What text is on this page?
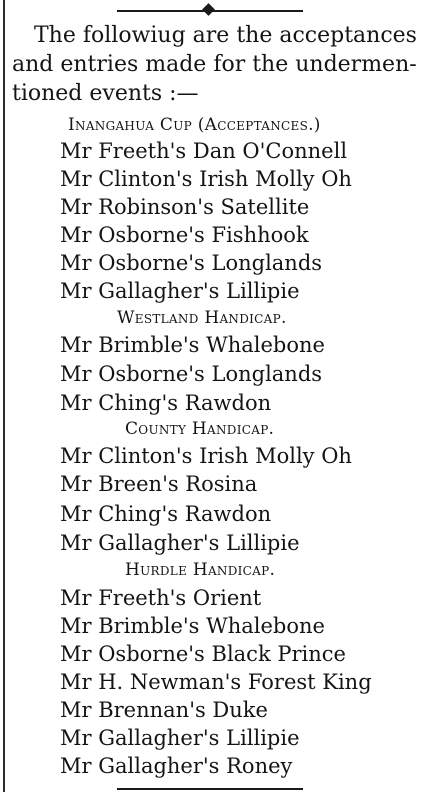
The followiug are the acceptances
and entries made for the undermen-
tioned events :—

Inangahua Cup (Acceptances.)
Mr Freeth's Dan O'Connell
Mr Clinton's Irish Molly Oh
Mr Robinson's Satellite
Mr Osborne's Fishhook
Mr Osborne's Longlands
Mr Gallagher's Lillipie
Westland Handicap.
Mr Brimble's Whalebone
Mr Osborne's Longlands
Mr Ching's Rawdon
County Handicap.
Mr Clinton's Irish Molly Oh
Mr Breen's Rosina
Mr Ching's Rawdon
Mr Gallagher's Lillipie
Hurdle Handicap.
Mr Freeth's Orient
Mr Brimble's Whalebone
Mr Osborne's Black Prince
Mr H. Newman's Forest King
Mr Brennan's Duke
Mr Gallagher's Lillipie
Mr Gallagher's Roney
